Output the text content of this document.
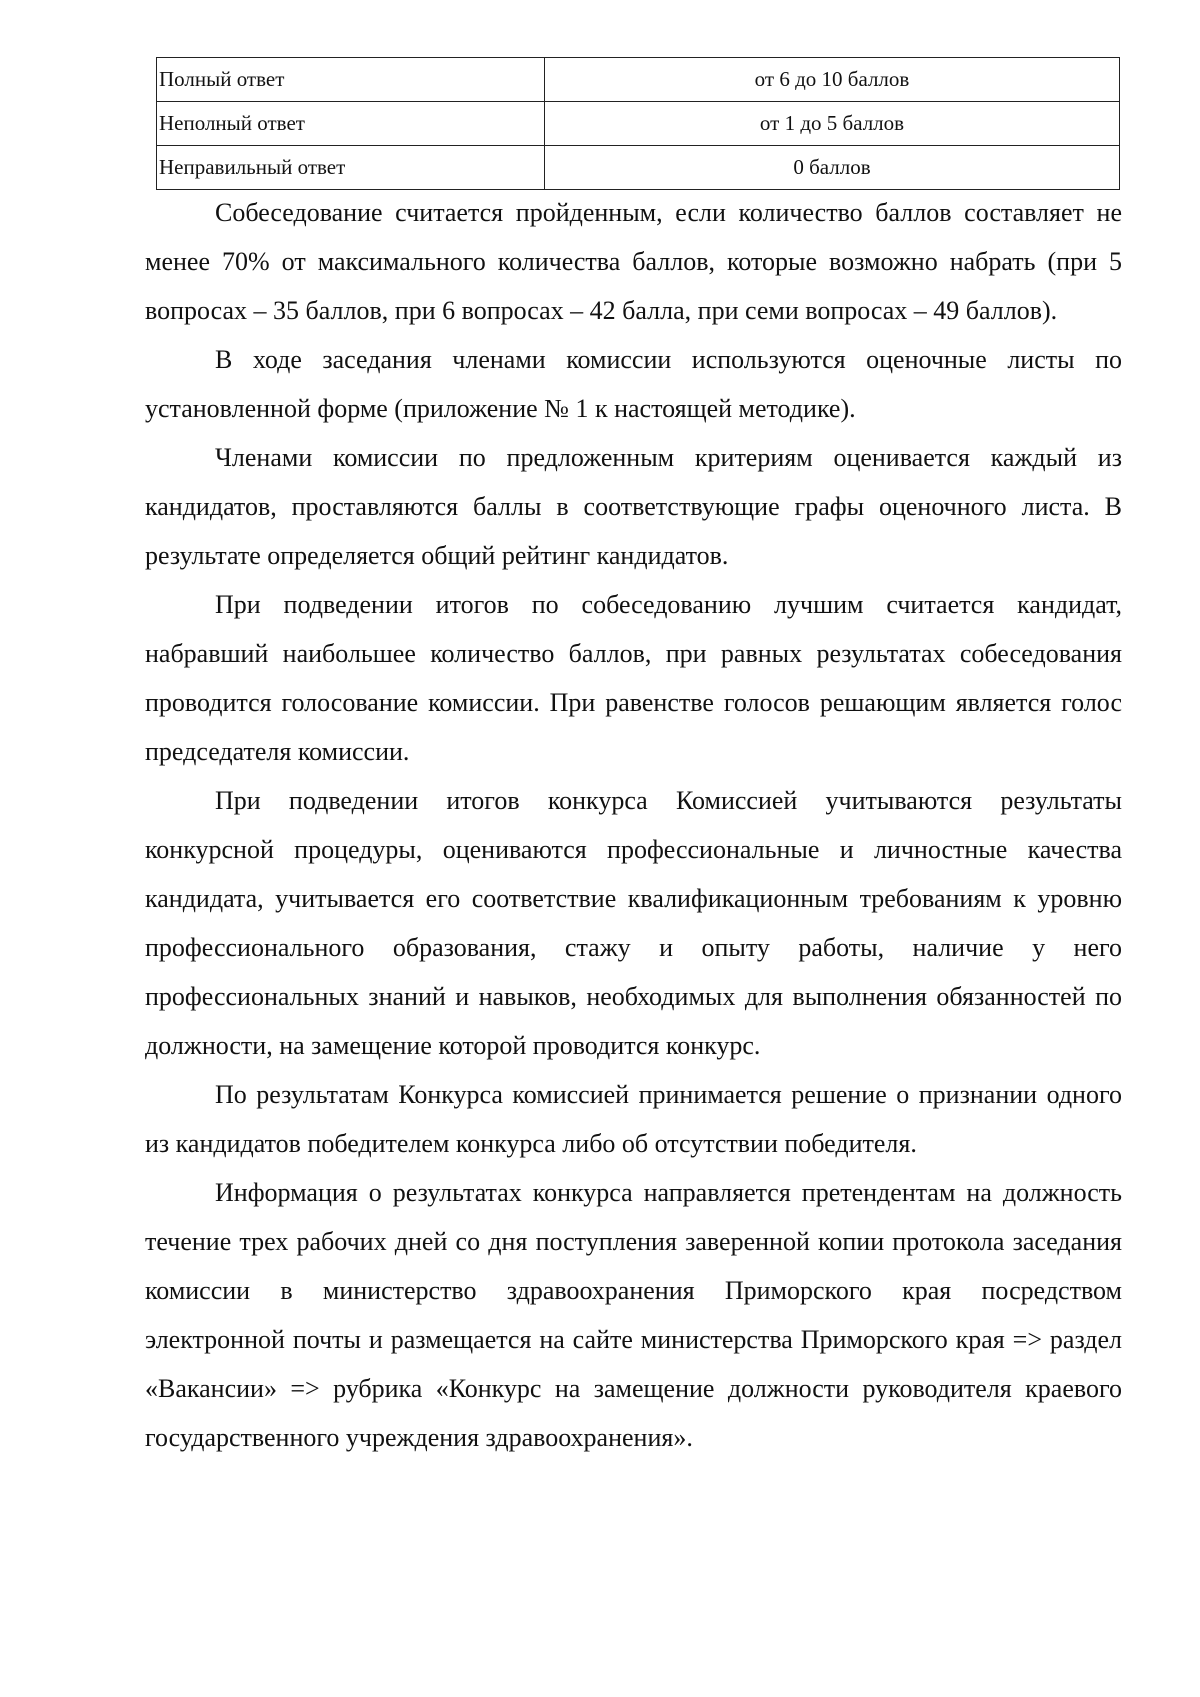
Полный ответ	от 6 до 10 баллов
Неполный ответ	от 1 до 5 баллов
Неправильный ответ	0 баллов

Собеседование считается пройденным, если количество баллов составляет не менее 70% от максимального количества баллов, которые возможно набрать (при 5 вопросах – 35 баллов, при 6 вопросах – 42 балла, при семи вопросах – 49 баллов).

В ходе заседания членами комиссии используются оценочные листы по установленной форме (приложение № 1 к настоящей методике).

Членами комиссии по предложенным критериям оценивается каждый из кандидатов, проставляются баллы в соответствующие графы оценочного листа. В результате определяется общий рейтинг кандидатов.

При подведении итогов по собеседованию лучшим считается кандидат, набравший наибольшее количество баллов, при равных результатах собеседования проводится голосование комиссии. При равенстве голосов решающим является голос председателя комиссии.

При подведении итогов конкурса Комиссией учитываются результаты конкурсной процедуры, оцениваются профессиональные и личностные качества кандидата, учитывается его соответствие квалификационным требованиям к уровню профессионального образования, стажу и опыту работы, наличие у него профессиональных знаний и навыков, необходимых для выполнения обязанностей по должности, на замещение которой проводится конкурс.

По результатам Конкурса комиссией принимается решение о признании одного из кандидатов победителем конкурса либо об отсутствии победителя.

Информация о результатах конкурса направляется претендентам на должность течение трех рабочих дней со дня поступления заверенной копии протокола заседания комиссии в министерство здравоохранения Приморского края посредством электронной почты и размещается на сайте министерства Приморского края => раздел «Вакансии» => рубрика «Конкурс на замещение должности руководителя краевого государственного учреждения здравоохранения».
